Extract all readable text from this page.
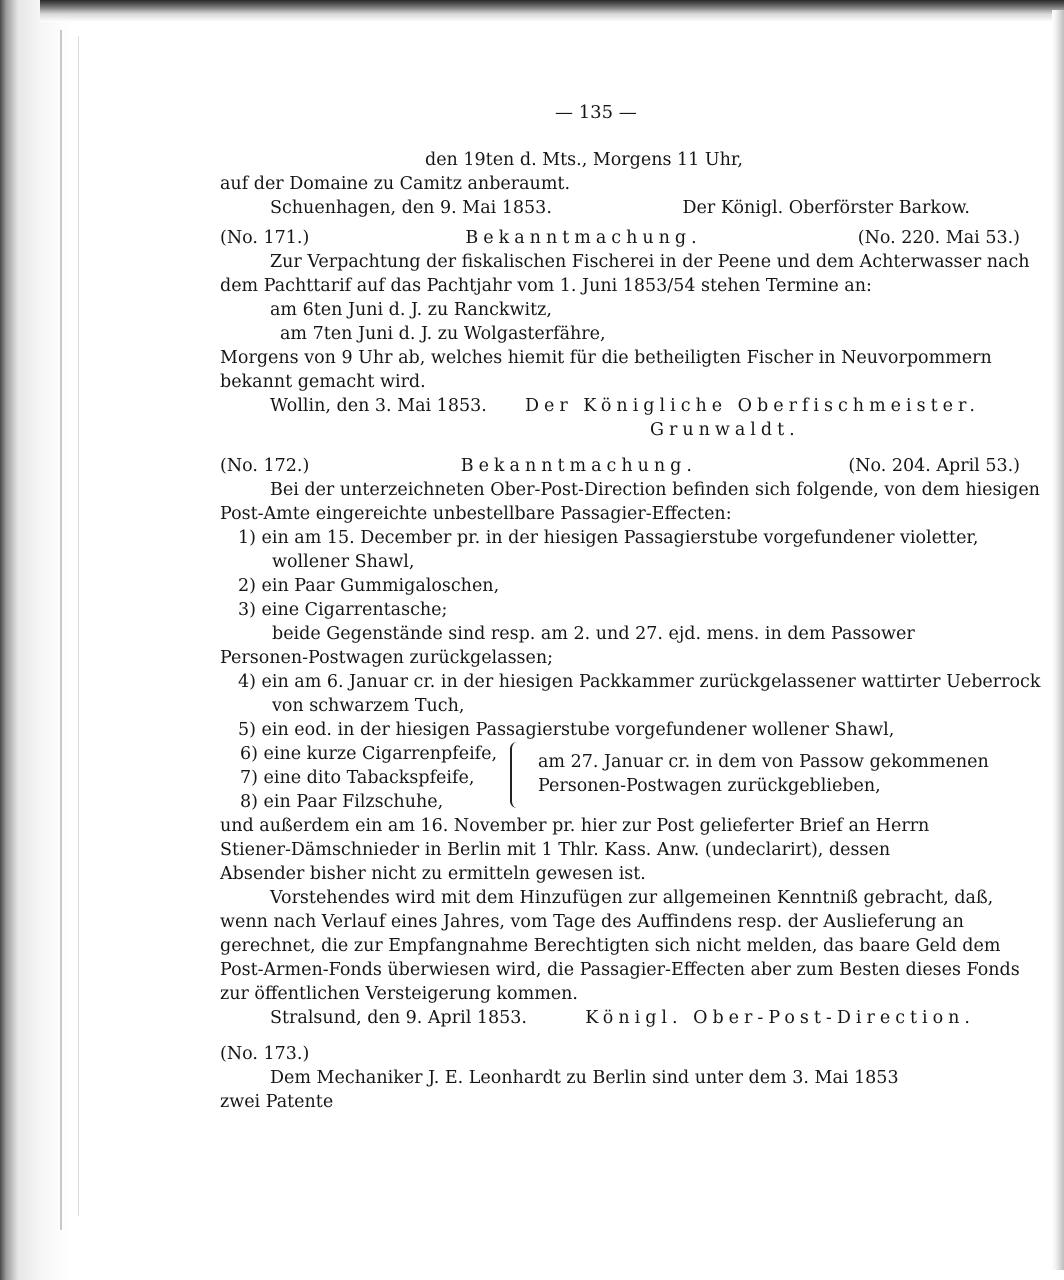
— 135 —
den 19ten d. Mts., Morgens 11 Uhr,
auf der Domaine zu Camitz anberaumt.
Schuenhagen, den 9. Mai 1853.	Der Königl. Oberförster Barkow.
(No. 171.)	Bekanntmachung.	(No. 220. Mai 53.)
Zur Verpachtung der fiskalischen Fischerei in der Peene und dem Achterwasser nach
dem Pachttarif auf das Pachtjahr vom 1. Juni 1853/54 stehen Termine an:
am 6ten Juni d. J. zu Ranckwitz,
am 7ten Juni d. J. zu Wolgasterfähre,
Morgens von 9 Uhr ab, welches hiemit für die betheiligten Fischer in Neuvorpommern
bekannt gemacht wird.
Wollin, den 3. Mai 1853. Der Königliche Oberfischmeister.
Grunwaldt.
(No. 172.)	Bekanntmachung.	(No. 204. April 53.)
Bei der unterzeichneten Ober-Post-Direction befinden sich folgende, von dem hiesigen
Post-Amte eingereichte unbestellbare Passagier-Effecten:
1) ein am 15. December pr. in der hiesigen Passagierstube vorgefundener violetter,
wollener Shawl,
2) ein Paar Gummigaloschen,
3) eine Cigarrentasche;
beide Gegenstände sind resp. am 2. und 27. ejd. mens. in dem Passower
Personen-Postwagen zurückgelassen;
4) ein am 6. Januar cr. in der hiesigen Packkammer zurückgelassener wattirter Ueberrock
von schwarzem Tuch,
5) ein eod. in der hiesigen Passagierstube vorgefundener wollener Shawl,
6) eine kurze Cigarrenpfeife,
7) eine dito Tabackspfeife,
8) ein Paar Filzschuhe,
am 27. Januar cr. in dem von Passow gekommenen
Personen-Postwagen zurückgeblieben,
und außerdem ein am 16. November pr. hier zur Post gelieferter Brief an Herrn
Stiener-Dämschnieder in Berlin mit 1 Thlr. Kass. Anw. (undeclarirt), dessen
Absender bisher nicht zu ermitteln gewesen ist.
Vorstehendes wird mit dem Hinzufügen zur allgemeinen Kenntniß gebracht, daß,
wenn nach Verlauf eines Jahres, vom Tage des Auffindens resp. der Auslieferung an
gerechnet, die zur Empfangnahme Berechtigten sich nicht melden, das baare Geld dem
Post-Armen-Fonds überwiesen wird, die Passagier-Effecten aber zum Besten dieses Fonds
zur öffentlichen Versteigerung kommen.
Stralsund, den 9. April 1853.	Königl. Ober-Post-Direction.
(No. 173.)
Dem Mechaniker J. E. Leonhardt zu Berlin sind unter dem 3. Mai 1853
zwei Patente
